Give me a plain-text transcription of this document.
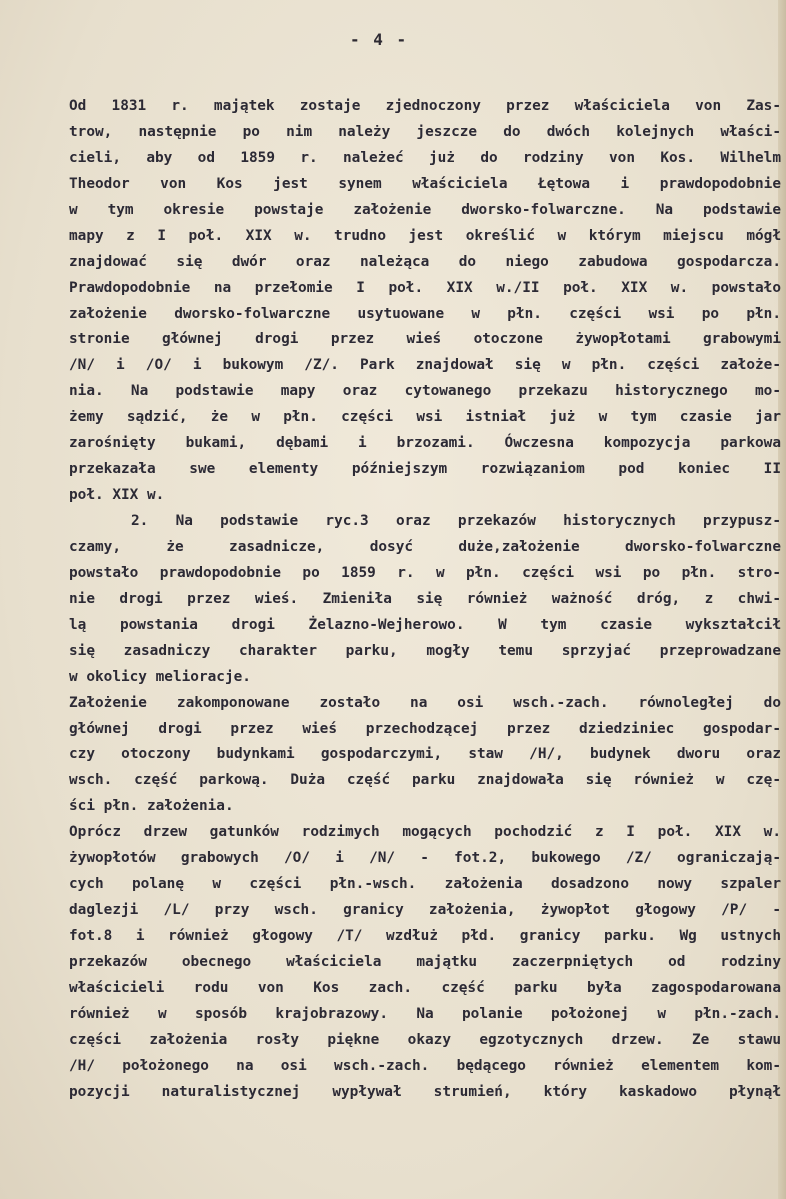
- 4 -
Od 1831 r. majątek zostaje zjednoczony przez właściciela von Zas-
trow, następnie po nim należy jeszcze do dwóch kolejnych właści-
cieli, aby od 1859 r. należeć już do rodziny von Kos. Wilhelm
Theodor von Kos jest synem właściciela Łętowa i prawdopodobnie
w tym okresie powstaje założenie dworsko-folwarczne. Na podstawie
mapy z I poł. XIX w. trudno jest określić w którym miejscu mógł
znajdować się dwór oraz należąca do niego zabudowa gospodarcza.
Prawdopodobnie na przełomie I poł. XIX w./II poł. XIX w. powstało
założenie dworsko-folwarczne usytuowane w płn. części wsi po płn.
stronie głównej drogi przez wieś otoczone żywopłotami grabowymi
/N/ i /O/ i bukowym /Z/. Park znajdował się w płn. części założe-
nia. Na podstawie mapy oraz cytowanego przekazu historycznego mo-
żemy sądzić, że w płn. części wsi istniał już w tym czasie jar
zarośnięty bukami, dębami i brzozami. Ówczesna kompozycja parkowa
przekazała swe elementy późniejszym rozwiązaniom pod koniec II
poł. XIX w.
2. Na podstawie ryc.3 oraz przekazów historycznych przypusz-
czamy, że zasadnicze, dosyć duże,założenie dworsko-folwarczne
powstało prawdopodobnie po 1859 r. w płn. części wsi po płn. stro-
nie drogi przez wieś. Zmieniła się również ważność dróg, z chwi-
lą powstania drogi Żelazno-Wejherowo. W tym czasie wykształcił
się zasadniczy charakter parku, mogły temu sprzyjać przeprowadzane
w okolicy melioracje.
Założenie zakomponowane zostało na osi wsch.-zach. równoległej do
głównej drogi przez wieś przechodzącej przez dziedziniec gospodar-
czy otoczony budynkami gospodarczymi, staw /H/, budynek dworu oraz
wsch. część parkową. Duża część parku znajdowała się również w czę-
ści płn. założenia.
Oprócz drzew gatunków rodzimych mogących pochodzić z I poł. XIX w.
żywopłotów grabowych /O/ i /N/ - fot.2, bukowego /Z/ ograniczają-
cych polanę w części płn.-wsch. założenia dosadzono nowy szpaler
daglezji /L/ przy wsch. granicy założenia, żywopłot głogowy /P/ -
fot.8 i również głogowy /T/ wzdłuż płd. granicy parku. Wg ustnych
przekazów obecnego właściciela majątku zaczerpniętych od rodziny
właścicieli rodu von Kos zach. część parku była zagospodarowana
również w sposób krajobrazowy. Na polanie położonej w płn.-zach.
części założenia rosły piękne okazy egzotycznych drzew. Ze stawu
/H/ położonego na osi wsch.-zach. będącego również elementem kom-
pozycji naturalistycznej wypływał strumień, który kaskadowo płynął
